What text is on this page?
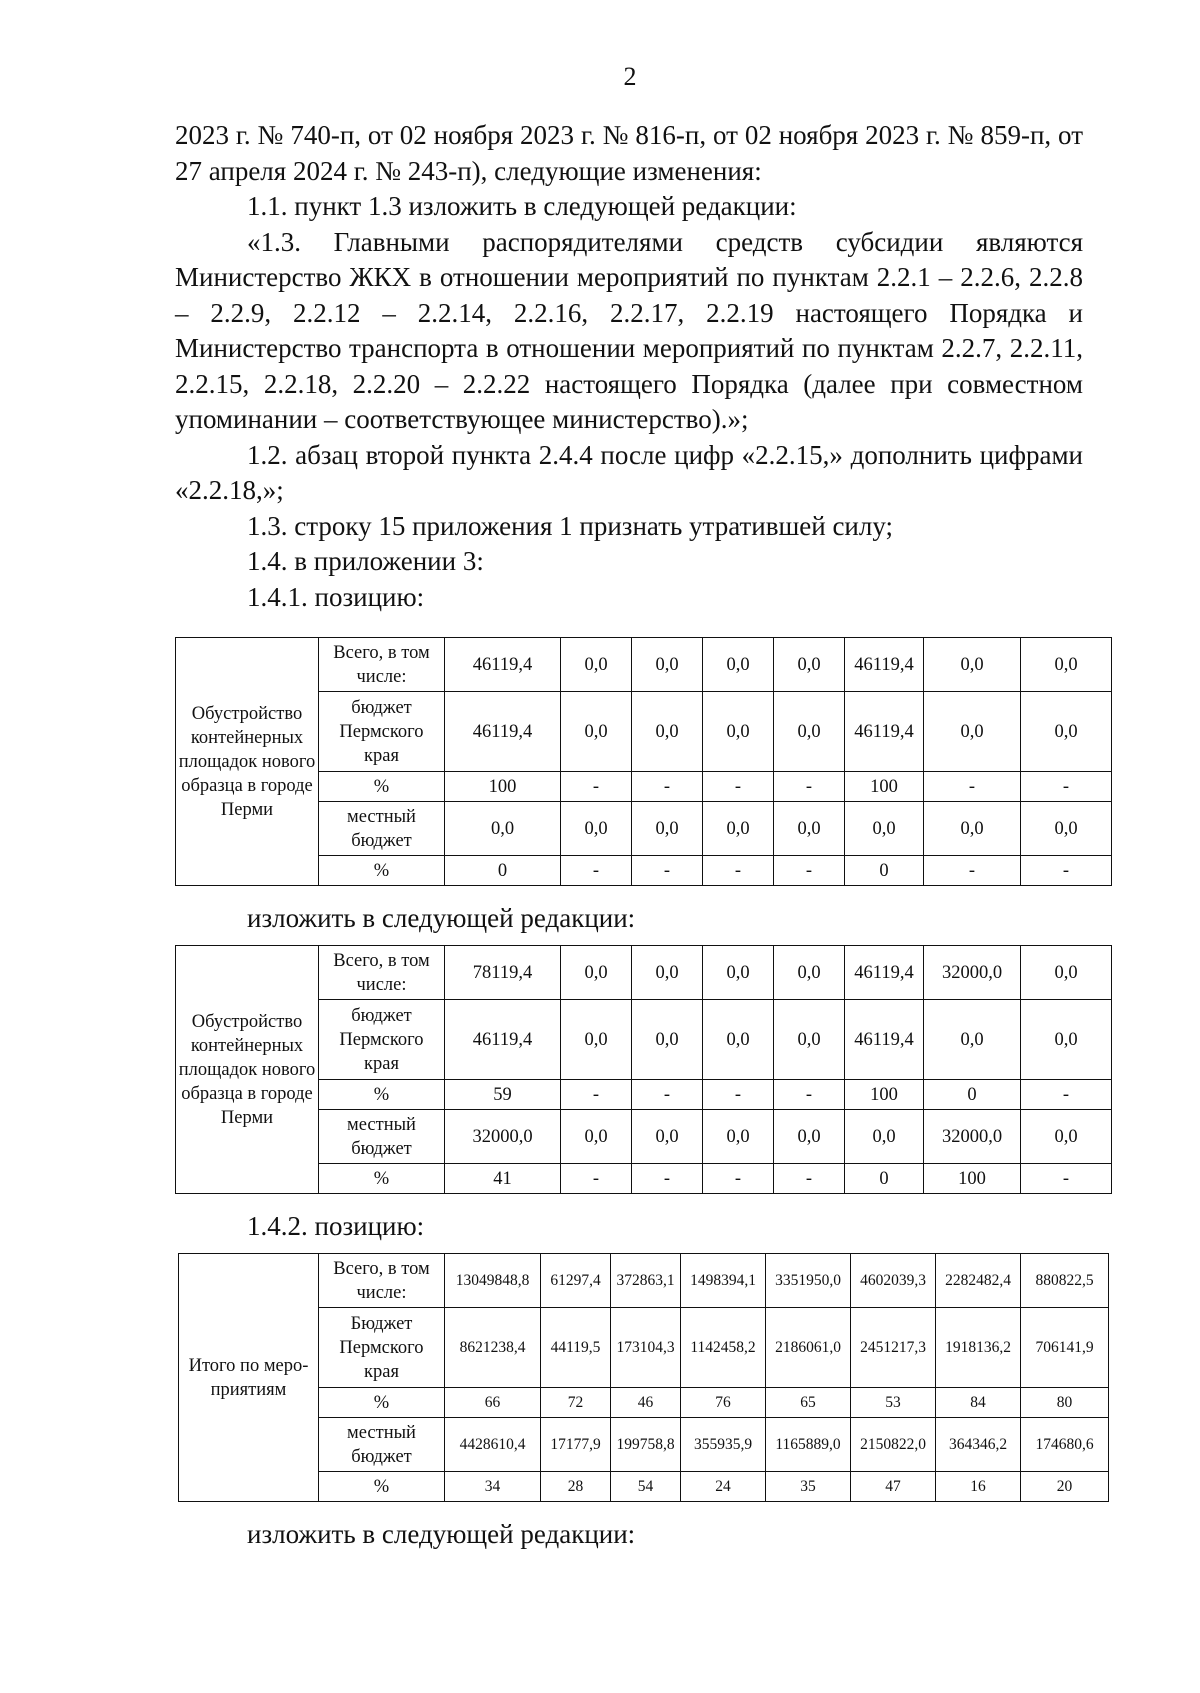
2

2023 г. № 740-п, от 02 ноября 2023 г. № 816-п, от 02 ноября 2023 г. № 859-п, от 27 апреля 2024 г. № 243-п), следующие изменения:

1.1. пункт 1.3 изложить в следующей редакции:

«1.3. Главными распорядителями средств субсидии являются Министерство ЖКХ в отношении мероприятий по пунктам 2.2.1 – 2.2.6, 2.2.8 – 2.2.9, 2.2.12 – 2.2.14, 2.2.16, 2.2.17, 2.2.19 настоящего Порядка и Министерство транспорта в отношении мероприятий по пунктам 2.2.7, 2.2.11, 2.2.15, 2.2.18, 2.2.20 – 2.2.22 настоящего Порядка (далее при совместном упоминании – соответствующее министерство).»;

1.2. абзац второй пункта 2.4.4 после цифр «2.2.15,» дополнить цифрами «2.2.18,»;

1.3. строку 15 приложения 1 признать утратившей силу;

1.4. в приложении 3:

1.4.1. позицию:

Обустройство контейнерных площадок нового образца в городе Перми	Всего, в том числе:	46119,4	0,0	0,0	0,0	0,0	46119,4	0,0	0,0
	бюджет Пермского края	46119,4	0,0	0,0	0,0	0,0	46119,4	0,0	0,0
	%	100	-	-	-	-	100	-	-
	местный бюджет	0,0	0,0	0,0	0,0	0,0	0,0	0,0	0,0
	%	0	-	-	-	-	0	-	-
изложить в следующей редакции:
Обустройство контейнерных площадок нового образца в городе Перми	Всего, в том числе:	78119,4	0,0	0,0	0,0	0,0	46119,4	32000,0	0,0
	бюджет Пермского края	46119,4	0,0	0,0	0,0	0,0	46119,4	0,0	0,0
	%	59	-	-	-	-	100	0	-
	местный бюджет	32000,0	0,0	0,0	0,0	0,0	0,0	32000,0	0,0
	%	41	-	-	-	-	0	100	-
1.4.2. позицию:
Итого по меро-приятиям	Всего, в том числе:	13049848,8	61297,4	372863,1	1498394,1	3351950,0	4602039,3	2282482,4	880822,5
	Бюджет Пермского края	8621238,4	44119,5	173104,3	1142458,2	2186061,0	2451217,3	1918136,2	706141,9
	%	66	72	46	76	65	53	84	80
	местный бюджет	4428610,4	17177,9	199758,8	355935,9	1165889,0	2150822,0	364346,2	174680,6
	%	34	28	54	24	35	47	16	20
изложить в следующей редакции:
